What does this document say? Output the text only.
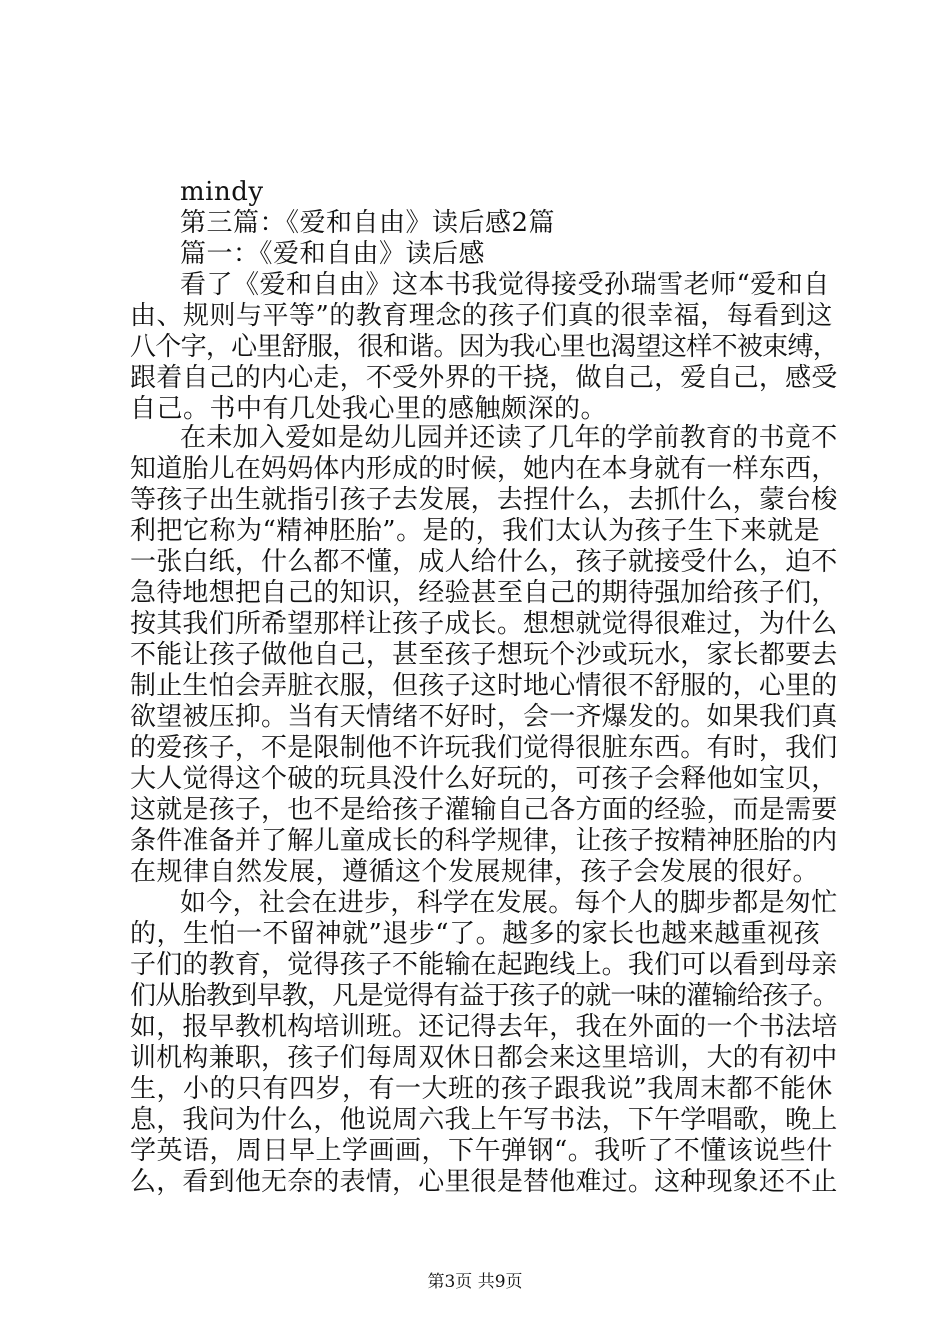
mindy

第三篇：《爱和自由》读后感2篇

篇一：《爱和自由》读后感

看了《爱和自由》这本书我觉得接受孙瑞雪老师“爱和自

由、规则与平等”的教育理念的孩子们真的很幸福，每看到这

八个字，心里舒服，很和谐。因为我心里也渴望这样不被束缚，

跟着自己的内心走，不受外界的干挠，做自己，爱自己，感受

自己。书中有几处我心里的感触颇深的。

在未加入爱如是幼儿园并还读了几年的学前教育的书竟不

知道胎儿在妈妈体内形成的时候，她内在本身就有一样东西，

等孩子出生就指引孩子去发展，去捏什么，去抓什么，蒙台梭

利把它称为“精神胚胎”。是的，我们太认为孩子生下来就是

一张白纸，什么都不懂，成人给什么，孩子就接受什么，迫不

急待地想把自己的知识，经验甚至自己的期待强加给孩子们，

按其我们所希望那样让孩子成长。想想就觉得很难过，为什么

不能让孩子做他自己，甚至孩子想玩个沙或玩水，家长都要去

制止生怕会弄脏衣服，但孩子这时地心情很不舒服的，心里的

欲望被压抑。当有天情绪不好时，会一齐爆发的。如果我们真

的爱孩子，不是限制他不许玩我们觉得很脏东西。有时，我们

大人觉得这个破的玩具没什么好玩的，可孩子会释他如宝贝，

这就是孩子，也不是给孩子灌输自己各方面的经验，而是需要

条件准备并了解儿童成长的科学规律，让孩子按精神胚胎的内

在规律自然发展，遵循这个发展规律，孩子会发展的很好。

如今，社会在进步，科学在发展。每个人的脚步都是匆忙

的，生怕一不留神就”退步“了。越多的家长也越来越重视孩

子们的教育，觉得孩子不能输在起跑线上。我们可以看到母亲

们从胎教到早教，凡是觉得有益于孩子的就一味的灌输给孩子。

如，报早教机构培训班。还记得去年，我在外面的一个书法培

训机构兼职，孩子们每周双休日都会来这里培训，大的有初中

生，小的只有四岁，有一大班的孩子跟我说”我周末都不能休

息，我问为什么，他说周六我上午写书法，下午学唱歌，晚上

学英语，周日早上学画画，下午弹钢“。我听了不懂该说些什

么，看到他无奈的表情，心里很是替他难过。这种现象还不止

第3页 共9页
